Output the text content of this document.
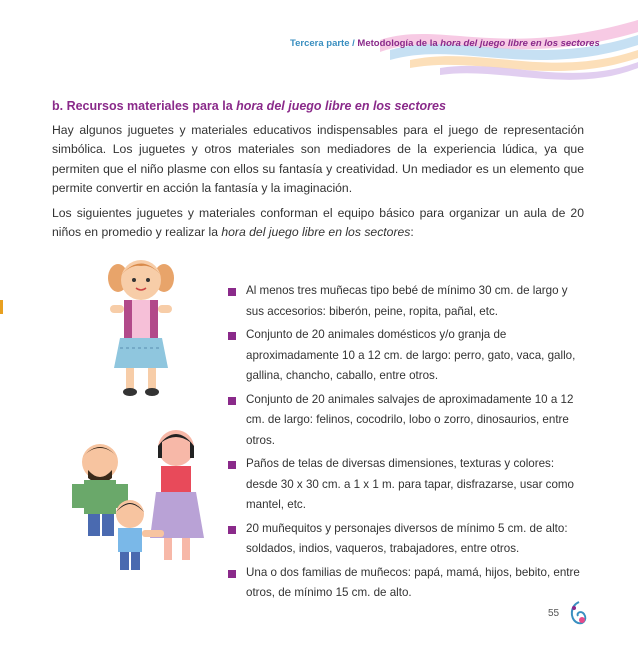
Tercera parte / Metodología de la hora del juego libre en los sectores
b. Recursos materiales para la hora del juego libre en los sectores
Hay algunos juguetes y materiales educativos indispensables para el juego de representación simbólica. Los juguetes y otros materiales son mediadores de la experiencia lúdica, ya que permiten que el niño plasme con ellos su fantasía y creatividad. Un mediador es un elemento que permite convertir en acción la fantasía y la imaginación.
Los siguientes juguetes y materiales conforman el equipo básico para organizar un aula de 20 niños en promedio y realizar la hora del juego libre en los sectores:
Al menos tres muñecas tipo bebé de mínimo 30 cm. de largo y sus accesorios: biberón, peine, ropita, pañal, etc.
Conjunto de 20 animales domésticos y/o granja de aproximadamente 10 a 12 cm. de largo: perro, gato, vaca, gallo, gallina, chancho, caballo, entre otros.
Conjunto de 20 animales salvajes de aproximadamente 10 a 12 cm. de largo: felinos, cocodrilo, lobo o zorro, dinosaurios, entre otros.
Paños de telas de diversas dimensiones, texturas y colores: desde 30 x 30 cm. a 1 x 1 m. para tapar, disfrazarse, usar como mantel, etc.
20 muñequitos y personajes diversos de mínimo 5 cm. de alto: soldados, indios, vaqueros, trabajadores, entre otros.
Una o dos familias de muñecos: papá, mamá, hijos, bebito, entre otros, de mínimo 15 cm. de alto.
55
